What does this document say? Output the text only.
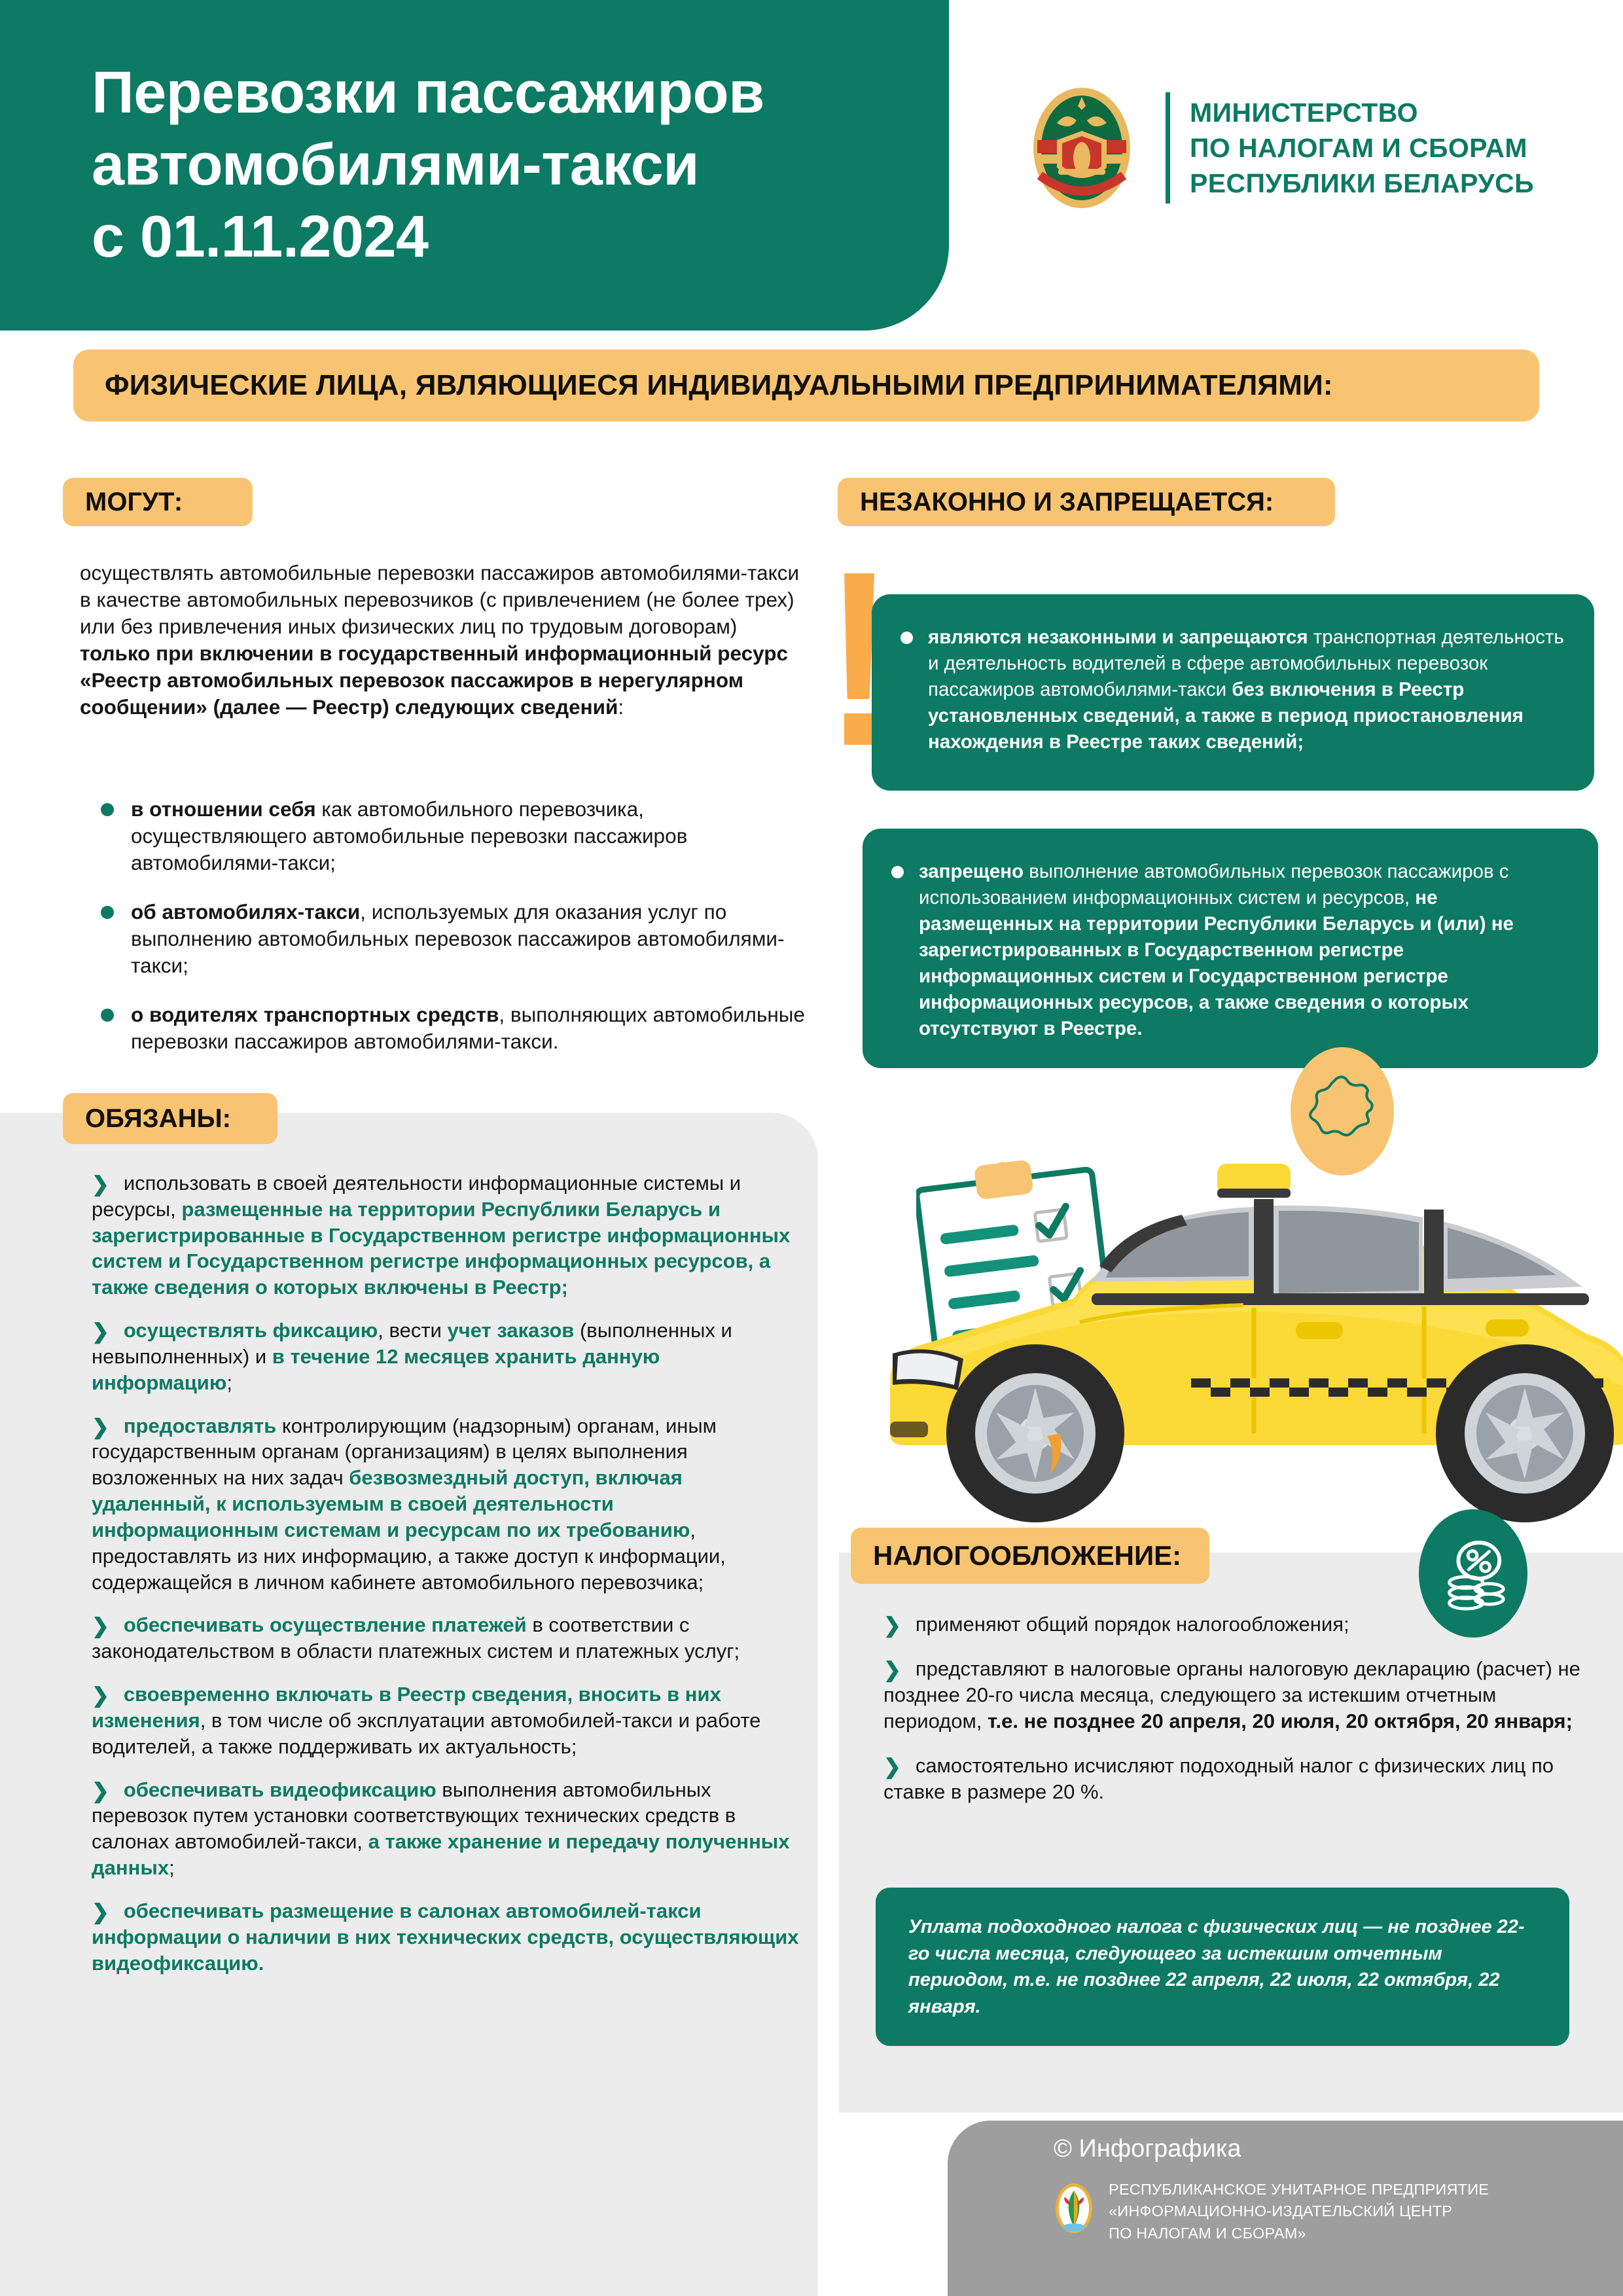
Перевозки пассажиров
автомобилями-такси
с 01.11.2024
МИНИСТЕРСТВО
ПО НАЛОГАМ И СБОРАМ
РЕСПУБЛИКИ БЕЛАРУСЬ
ФИЗИЧЕСКИЕ ЛИЦА, ЯВЛЯЮЩИЕСЯ ИНДИВИДУАЛЬНЫМИ ПРЕДПРИНИМАТЕЛЯМИ:
МОГУТ:	НЕЗАКОННО И ЗАПРЕЩАЕТСЯ:
осуществлять автомобильные перевозки пассажиров автомобилями-такси в качестве автомобильных перевозчиков (с привлечением (не более трех) или без привлечения иных физических лиц по трудовым договорам) только при включении в государственный информационный ресурс «Реестр автомобильных перевозок пассажиров в нерегулярном сообщении» (далее — Реестр) следующих сведений:
в отношении себя как автомобильного перевозчика, осуществляющего автомобильные перевозки пассажиров автомобилями-такси;
об автомобилях-такси, используемых для оказания услуг по выполнению автомобильных перевозок пассажиров автомобилями-такси;
о водителях транспортных средств, выполняющих автомобильные перевозки пассажиров автомобилями-такси.
являются незаконными и запрещаются транспортная деятельность и деятельность водителей в сфере автомобильных перевозок пассажиров автомобилями-такси без включения в Реестр установленных сведений, а также в период приостановления нахождения в Реестре таких сведений;
запрещено выполнение автомобильных перевозок пассажиров с использованием информационных систем и ресурсов, не размещенных на территории Республики Беларусь и (или) не зарегистрированных в Государственном регистре информационных систем и Государственном регистре информационных ресурсов, а также сведения о которых отсутствуют в Реестре.
ОБЯЗАНЫ:
❯ использовать в своей деятельности информационные системы и ресурсы, размещенные на территории Республики Беларусь и зарегистрированные в Государственном регистре информационных систем и Государственном регистре информационных ресурсов, а также сведения о которых включены в Реестр;
❯ осуществлять фиксацию, вести учет заказов (выполненных и невыполненных) и в течение 12 месяцев хранить данную информацию;
❯ предоставлять контролирующим (надзорным) органам, иным государственным органам (организациям) в целях выполнения возложенных на них задач безвозмездный доступ, включая удаленный, к используемым в своей деятельности информационным системам и ресурсам по их требованию, предоставлять из них информацию, а также доступ к информации, содержащейся в личном кабинете автомобильного перевозчика;
❯ обеспечивать осуществление платежей в соответствии с законодательством в области платежных систем и платежных услуг;
❯ своевременно включать в Реестр сведения, вносить в них изменения, в том числе об эксплуатации автомобилей-такси и работе водителей, а также поддерживать их актуальность;
❯ обеспечивать видеофиксацию выполнения автомобильных перевозок путем установки соответствующих технических средств в салонах автомобилей-такси, а также хранение и передачу полученных данных;
❯ обеспечивать размещение в салонах автомобилей-такси информации о наличии в них технических средств, осуществляющих видеофиксацию.
НАЛОГООБЛОЖЕНИЕ:
❯ применяют общий порядок налогообложения;
❯ представляют в налоговые органы налоговую декларацию (расчет) не позднее 20-го числа месяца, следующего за истекшим отчетным периодом, т.е. не позднее 20 апреля, 20 июля, 20 октября, 20 января;
❯ самостоятельно исчисляют подоходный налог с физических лиц по ставке в размере 20 %.
Уплата подоходного налога с физических лиц — не позднее 22-го числа месяца, следующего за истекшим отчетным периодом, т.е. не позднее 22 апреля, 22 июля, 22 октября, 22 января.
© Инфографика
РЕСПУБЛИКАНСКОЕ УНИТАРНОЕ ПРЕДПРИЯТИЕ
«ИНФОРМАЦИОННО-ИЗДАТЕЛЬСКИЙ ЦЕНТР
ПО НАЛОГАМ И СБОРАМ»
